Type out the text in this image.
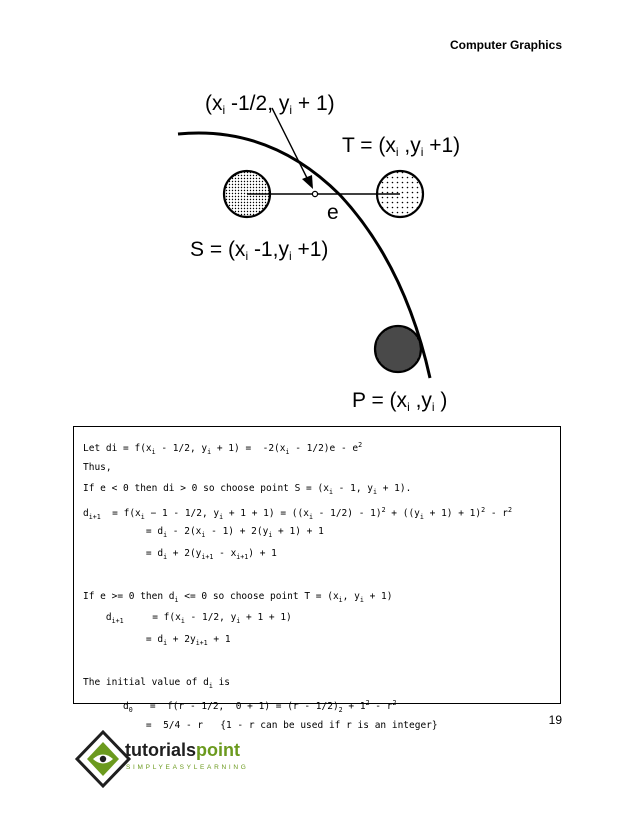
Computer Graphics
(xi -1/2, yi + 1)
T = (xi ,yi +1)
e
S = (xi -1,yi +1)
P = (xi ,yi )
Let di = $f(x_i - 1/2$, $y_i + 1) = -2(x_i - 1/2)e - e^2$
Thus,
If e < 0 then di > 0 so choose point $S = (x_i - 1$, $y_i + 1$).
$d_{i+1} = f(x_i - 1 - 1/2$, $y_i + 1 + 1) = ((x_i - 1/2) - 1)^2 + ((y_i + 1) + 1)^2 - r^2$
= $d_i - 2(x_i - 1) + 2(y_i + 1) + 1$
= $d_i + 2(y_{i+1} - x_{i+1}) + 1$
If e >= 0 then $d_i <= 0$ so choose point $T = (x_i$, $y_i + 1$)
$d_{i+1}$     = $f(x_i - 1/2$, $y_i + 1 + 1$)
= $d_i + 2y_{i+1} + 1$
The initial value of $d_i$ is
$d_0 = f(r - 1/2$,  $0 + 1) = (r - 1/2)_2 + 1^2 - r^2$
=  5/4 - r   {1 - r can be used if r is an integer}	19
tutorialspoint
SIMPLYEASYLEARNING
